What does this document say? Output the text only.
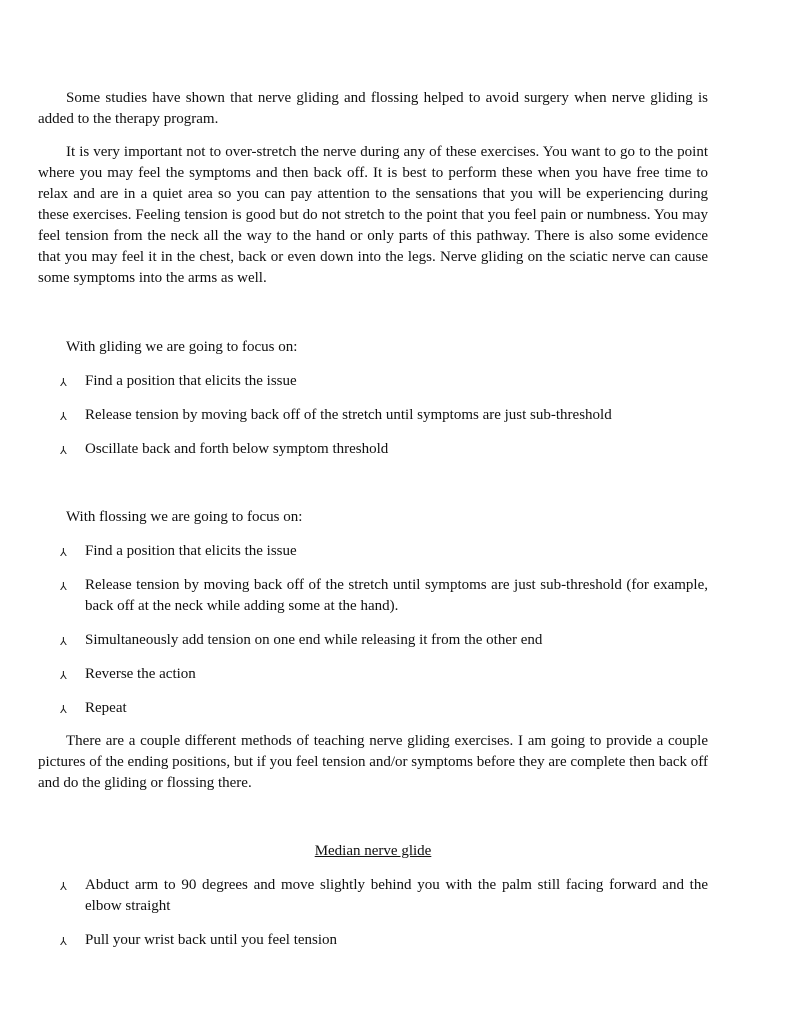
Some studies have shown that nerve gliding and flossing helped to avoid surgery when nerve gliding is added to the therapy program.

It is very important not to over-stretch the nerve during any of these exercises. You want to go to the point where you may feel the symptoms and then back off. It is best to perform these when you have free time to relax and are in a quiet area so you can pay attention to the sensations that you will be experiencing during these exercises. Feeling tension is good but do not stretch to the point that you feel pain or numbness. You may feel tension from the neck all the way to the hand or only parts of this pathway. There is also some evidence that you may feel it in the chest, back or even down into the legs. Nerve gliding on the sciatic nerve can cause some symptoms into the arms as well.

With gliding we are going to focus on:

⅄ Find a position that elicits the issue
⅄ Release tension by moving back off of the stretch until symptoms are just sub-threshold
⅄ Oscillate back and forth below symptom threshold

With flossing we are going to focus on:

⅄ Find a position that elicits the issue
⅄ Release tension by moving back off of the stretch until symptoms are just sub-threshold (for example, back off at the neck while adding some at the hand).
⅄ Simultaneously add tension on one end while releasing it from the other end
⅄ Reverse the action
⅄ Repeat

There are a couple different methods of teaching nerve gliding exercises. I am going to provide a couple pictures of the ending positions, but if you feel tension and/or symptoms before they are complete then back off and do the gliding or flossing there.

Median nerve glide

⅄ Abduct arm to 90 degrees and move slightly behind you with the palm still facing forward and the elbow straight
⅄ Pull your wrist back until you feel tension
